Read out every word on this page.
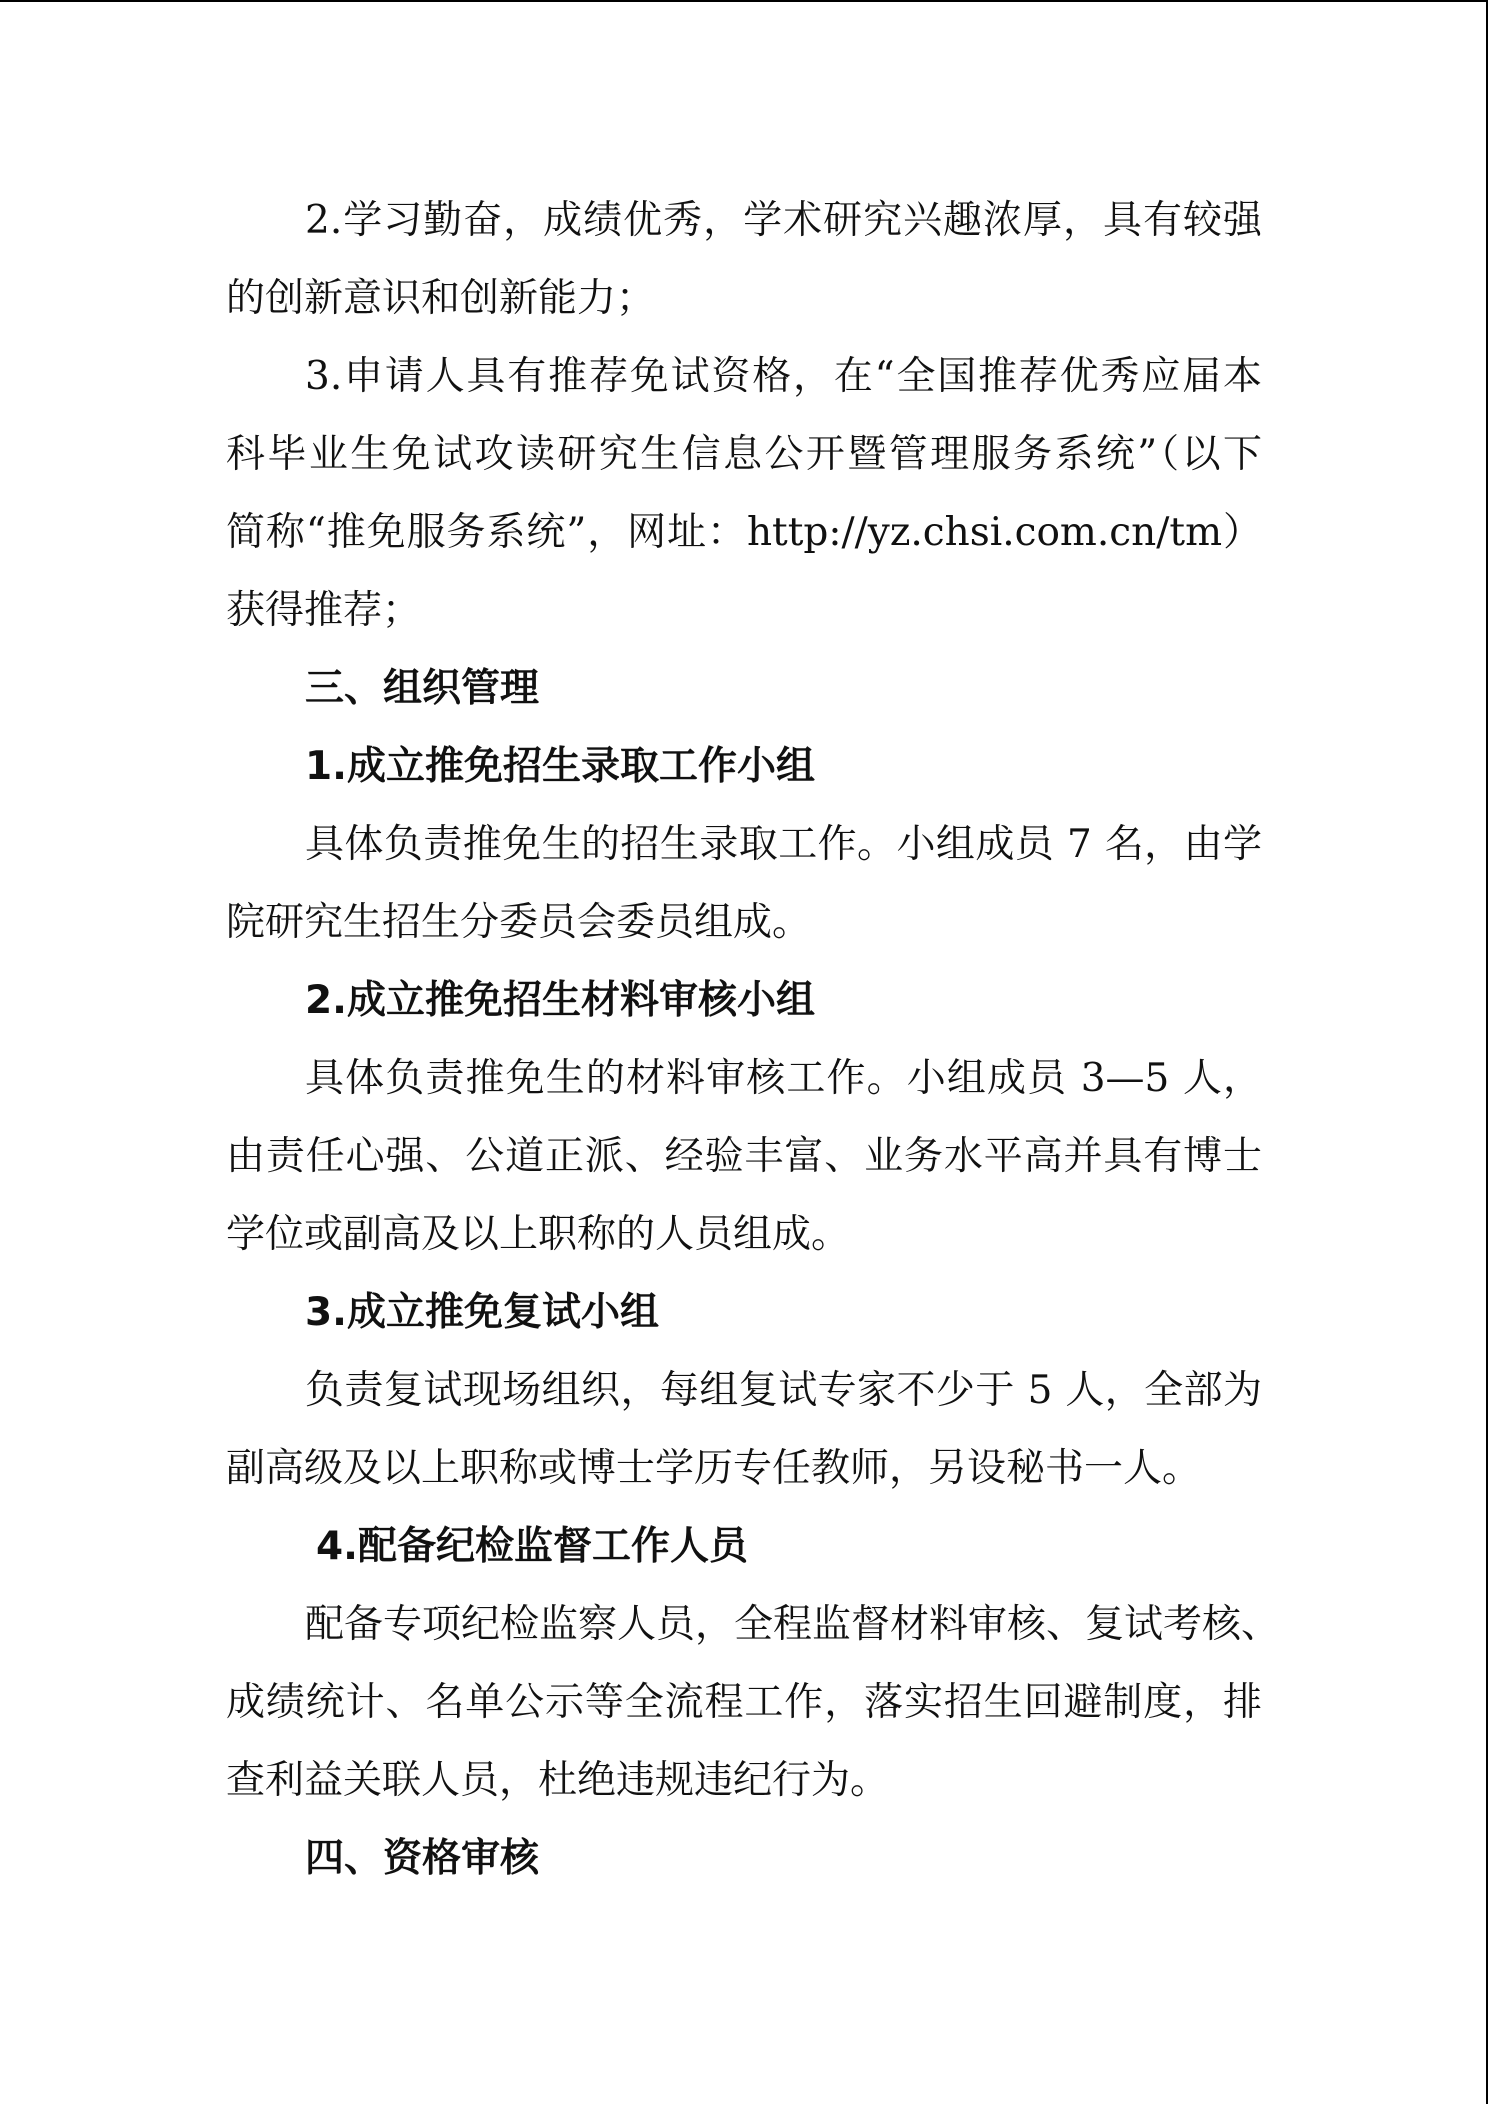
2.学习勤奋，成绩优秀，学术研究兴趣浓厚，具有较强
的创新意识和创新能力；
3.申请人具有推荐免试资格，在“全国推荐优秀应届本
科毕业生免试攻读研究生信息公开暨管理服务系统”（以下
简称“推免服务系统”，网址：http://yz.chsi.com.cn/tm）
获得推荐；
三、组织管理
1.成立推免招生录取工作小组
具体负责推免生的招生录取工作。小组成员 7 名，由学
院研究生招生分委员会委员组成。
2.成立推免招生材料审核小组
具体负责推免生的材料审核工作。小组成员 3—5 人，
由责任心强、公道正派、经验丰富、业务水平高并具有博士
学位或副高及以上职称的人员组成。
3.成立推免复试小组
负责复试现场组织，每组复试专家不少于 5 人，全部为
副高级及以上职称或博士学历专任教师，另设秘书一人。
4.配备纪检监督工作人员
配备专项纪检监察人员，全程监督材料审核、复试考核、
成绩统计、名单公示等全流程工作，落实招生回避制度，排
查利益关联人员，杜绝违规违纪行为。
四、资格审核
